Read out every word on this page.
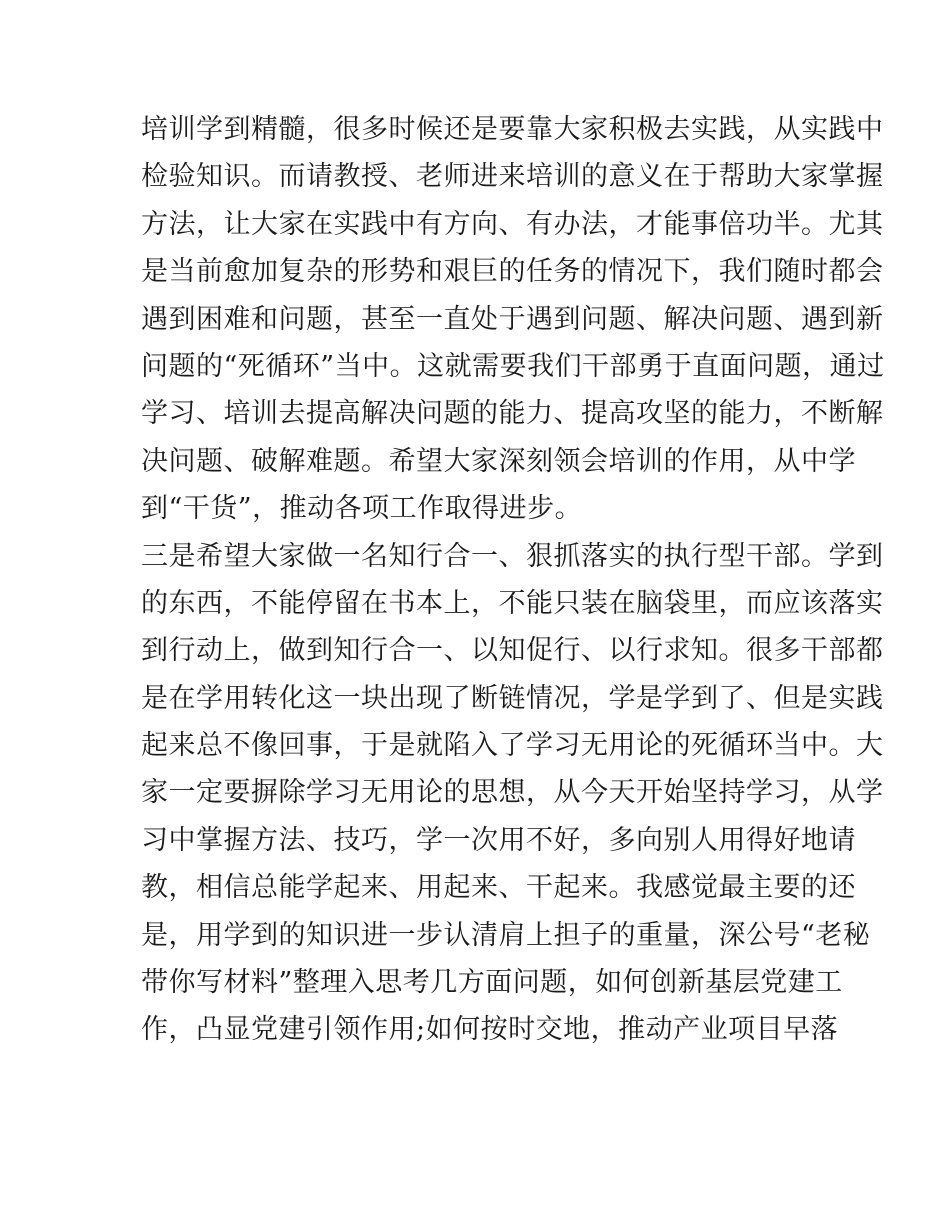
培训学到精髓，很多时候还是要靠大家积极去实践，从实践中
检验知识。而请教授、老师进来培训的意义在于帮助大家掌握
方法，让大家在实践中有方向、有办法，才能事倍功半。尤其
是当前愈加复杂的形势和艰巨的任务的情况下，我们随时都会
遇到困难和问题，甚至一直处于遇到问题、解决问题、遇到新
问题的“死循环”当中。这就需要我们干部勇于直面问题，通过
学习、培训去提高解决问题的能力、提高攻坚的能力，不断解
决问题、破解难题。希望大家深刻领会培训的作用，从中学
到“干货”，推动各项工作取得进步。
三是希望大家做一名知行合一、狠抓落实的执行型干部。学到
的东西，不能停留在书本上，不能只装在脑袋里，而应该落实
到行动上，做到知行合一、以知促行、以行求知。很多干部都
是在学用转化这一块出现了断链情况，学是学到了、但是实践
起来总不像回事，于是就陷入了学习无用论的死循环当中。大
家一定要摒除学习无用论的思想，从今天开始坚持学习，从学
习中掌握方法、技巧，学一次用不好，多向别人用得好地请
教，相信总能学起来、用起来、干起来。我感觉最主要的还
是，用学到的知识进一步认清肩上担子的重量，深公号“老秘
带你写材料”整理入思考几方面问题，如何创新基层党建工
作，凸显党建引领作用;如何按时交地，推动产业项目早落
